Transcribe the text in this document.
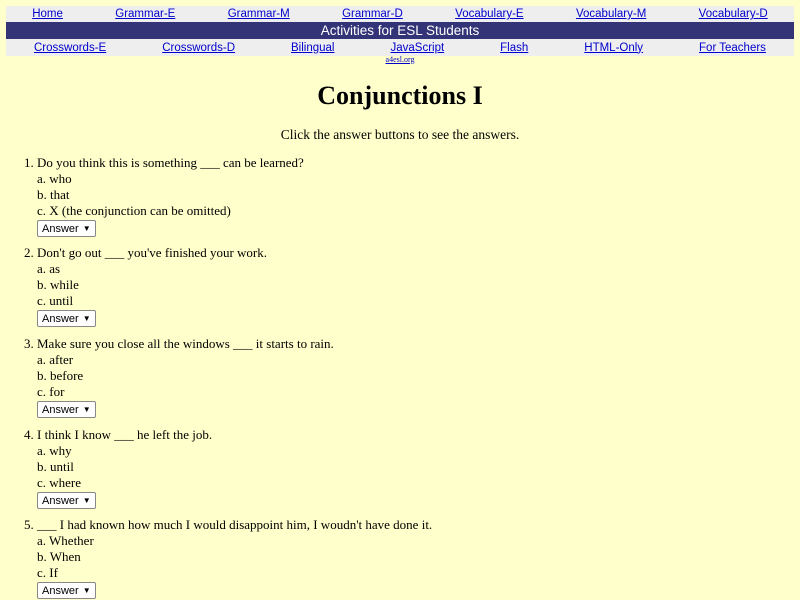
Home	Grammar-E	Grammar-M	Grammar-D	Vocabulary-E	Vocabulary-M	Vocabulary-D
Activities for ESL Students
Crosswords-E	Crosswords-D	Bilingual	JavaScript	Flash	HTML-Only	For Teachers
a4esl.org
Conjunctions I
Click the answer buttons to see the answers.
1. Do you think this is something ___ can be learned?
a. who
b. that
c. X (the conjunction can be omitted)
Answer ▼
2. Don't go out ___ you've finished your work.
a. as
b. while
c. until
Answer ▼
3. Make sure you close all the windows ___ it starts to rain.
a. after
b. before
c. for
Answer ▼
4. I think I know ___ he left the job.
a. why
b. until
c. where
Answer ▼
5. ___ I had known how much I would disappoint him, I woudn't have done it.
a. Whether
b. When
c. If
Answer ▼
